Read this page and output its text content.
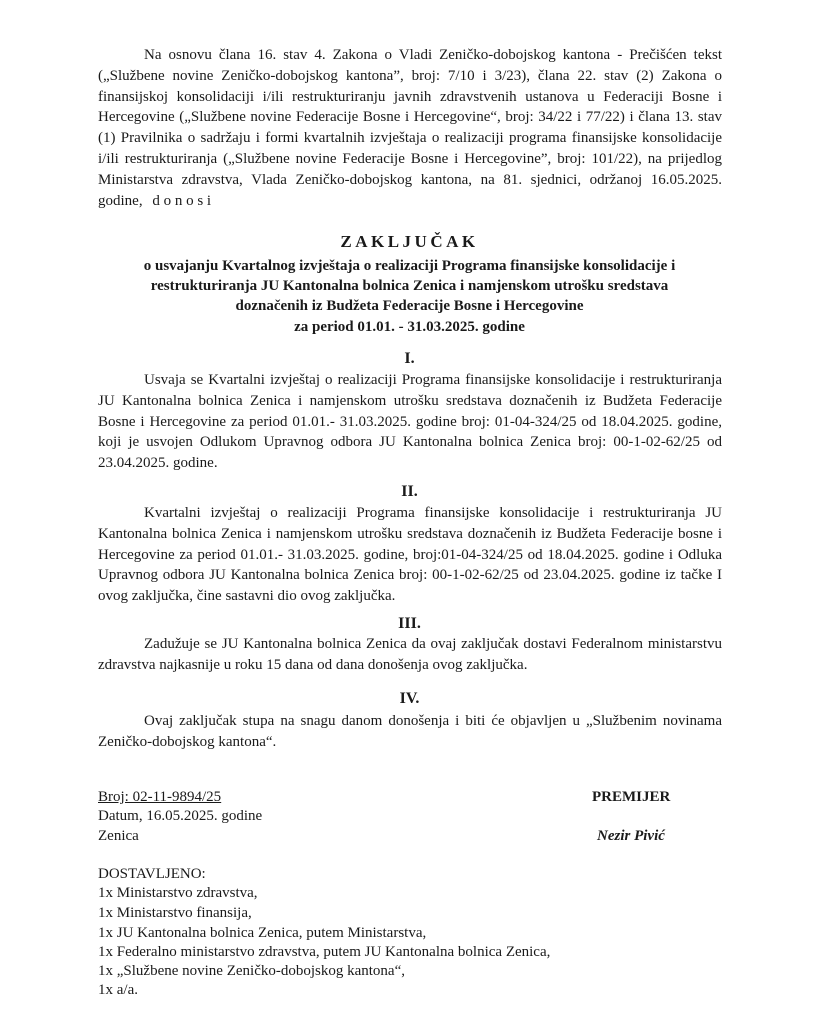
Na osnovu člana 16. stav 4. Zakona o Vladi Zeničko-dobojskog kantona - Prečišćen tekst („Službene novine Zeničko-dobojskog kantona”, broj: 7/10 i 3/23), člana 22. stav (2) Zakona o finansijskoj konsolidaciji i/ili restrukturiranju javnih zdravstvenih ustanova u Federaciji Bosne i Hercegovine („Službene novine Federacije Bosne i Hercegovine“, broj: 34/22 i 77/22) i člana 13. stav (1) Pravilnika o sadržaju i formi kvartalnih izvještaja o realizaciji programa finansijske konsolidacije i/ili restrukturiranja („Službene novine Federacije Bosne i Hercegovine”, broj: 101/22), na prijedlog Ministarstva zdravstva, Vlada Zeničko-dobojskog kantona, na 81. sjednici, održanoj 16.05.2025. godine, d o n o s i
ZAKLJUČAK
o usvajanju Kvartalnog izvještaja o realizaciji Programa finansijske konsolidacije i
restrukturiranja JU Kantonalna bolnica Zenica i namjenskom utrošku sredstava
doznačenih iz Budžeta Federacije Bosne i Hercegovine
za period 01.01. - 31.03.2025. godine
I.
Usvaja se Kvartalni izvještaj o realizaciji Programa finansijske konsolidacije i restrukturiranja JU Kantonalna bolnica Zenica i namjenskom utrošku sredstava doznačenih iz Budžeta Federacije Bosne i Hercegovine za period 01.01.- 31.03.2025. godine broj: 01-04-324/25 od 18.04.2025. godine, koji je usvojen Odlukom Upravnog odbora JU Kantonalna bolnica Zenica broj: 00-1-02-62/25 od 23.04.2025. godine.
II.
Kvartalni izvještaj o realizaciji Programa finansijske konsolidacije i restrukturiranja JU Kantonalna bolnica Zenica i namjenskom utrošku sredstava doznačenih iz Budžeta Federacije bosne i Hercegovine za period 01.01.- 31.03.2025. godine, broj:01-04-324/25 od 18.04.2025. godine i Odluka Upravnog odbora JU Kantonalna bolnica Zenica broj: 00-1-02-62/25 od 23.04.2025. godine iz tačke I ovog zaključka, čine sastavni dio ovog zaključka.
III.
Zadužuje se JU Kantonalna bolnica Zenica da ovaj zaključak dostavi Federalnom ministarstvu zdravstva najkasnije u roku 15 dana od dana donošenja ovog zaključka.
IV.
Ovaj zaključak stupa na snagu danom donošenja i biti će objavljen u „Službenim novinama Zeničko-dobojskog kantona“.
Broj: 02-11-9894/25
Datum, 16.05.2025. godine
Zenica
PREMIJER
Nezir Pivić
DOSTAVLJENO:
1x Ministarstvo zdravstva,
1x Ministarstvo finansija,
1x JU Kantonalna bolnica Zenica, putem Ministarstva,
1x Federalno ministarstvo zdravstva, putem JU Kantonalna bolnica Zenica,
1x „Službene novine Zeničko-dobojskog kantona“,
1x a/a.
